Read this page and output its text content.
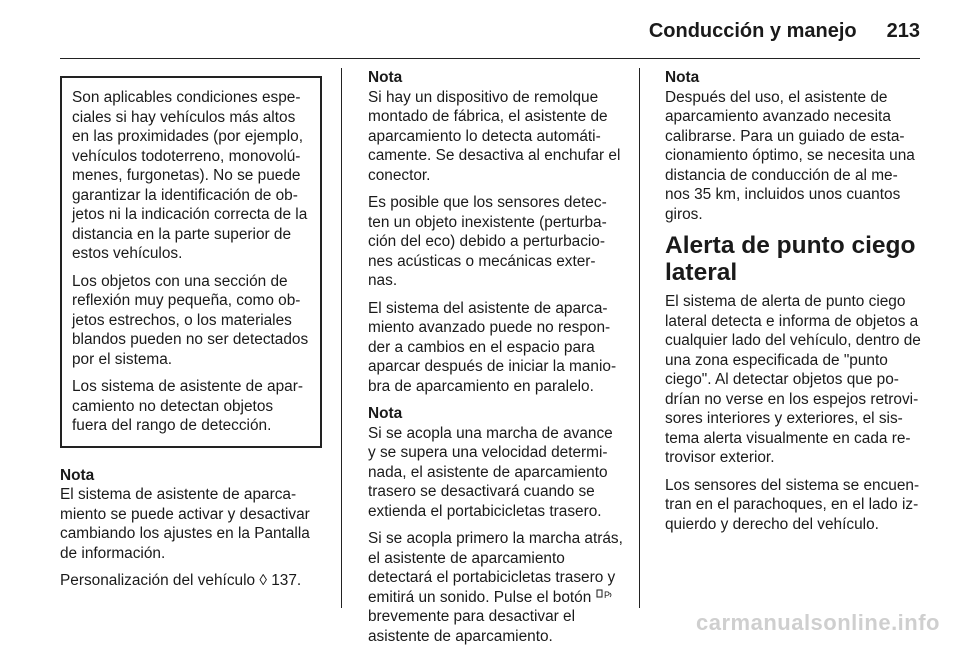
Conducción y manejo 213

Son aplicables condiciones espe-ciales si hay vehículos más altos en las proximidades (por ejemplo, vehículos todoterreno, monovolú-menes, furgonetas). No se puede garantizar la identificación de ob-jetos ni la indicación correcta de la distancia en la parte superior de estos vehículos.

Los objetos con una sección de reflexión muy pequeña, como ob-jetos estrechos, o los materiales blandos pueden no ser detectados por el sistema.

Los sistema de asistente de apar-camiento no detectan objetos fuera del rango de detección.

Nota
El sistema de asistente de aparca-miento se puede activar y desactivar cambiando los ajustes en la Pantalla de información.

Personalización del vehículo ◊ 137.

Nota
Si hay un dispositivo de remolque montado de fábrica, el asistente de aparcamiento lo detecta automáti-camente. Se desactiva al enchufar el conector.

Es posible que los sensores detec-ten un objeto inexistente (perturba-ción del eco) debido a perturbacio-nes acústicas o mecánicas exter-nas.

El sistema del asistente de aparca-miento avanzado puede no respon-der a cambios en el espacio para aparcar después de iniciar la manio-bra de aparcamiento en paralelo.

Nota
Si se acopla una marcha de avance y se supera una velocidad determi-nada, el asistente de aparcamiento trasero se desactivará cuando se extienda el portabicicletas trasero.

Si se acopla primero la marcha atrás, el asistente de aparcamiento detectará el portabicicletas trasero y emitirá un sonido. Pulse el botón P
brevemente para desactivar el asistente de aparcamiento.

Nota
Después del uso, el asistente de aparcamiento avanzado necesita calibrarse. Para un guiado de esta-cionamiento óptimo, se necesita una distancia de conducción de al me-nos 35 km, incluidos unos cuantos giros.

Alerta de punto ciego lateral

El sistema de alerta de punto ciego lateral detecta e informa de objetos a cualquier lado del vehículo, dentro de una zona especificada de "punto ciego". Al detectar objetos que po-drían no verse en los espejos retrovi-sores interiores y exteriores, el sis-tema alerta visualmente en cada re-trovisor exterior.

Los sensores del sistema se encuen-tran en el parachoques, en el lado iz-quierdo y derecho del vehículo.

carmanualsonline.info
